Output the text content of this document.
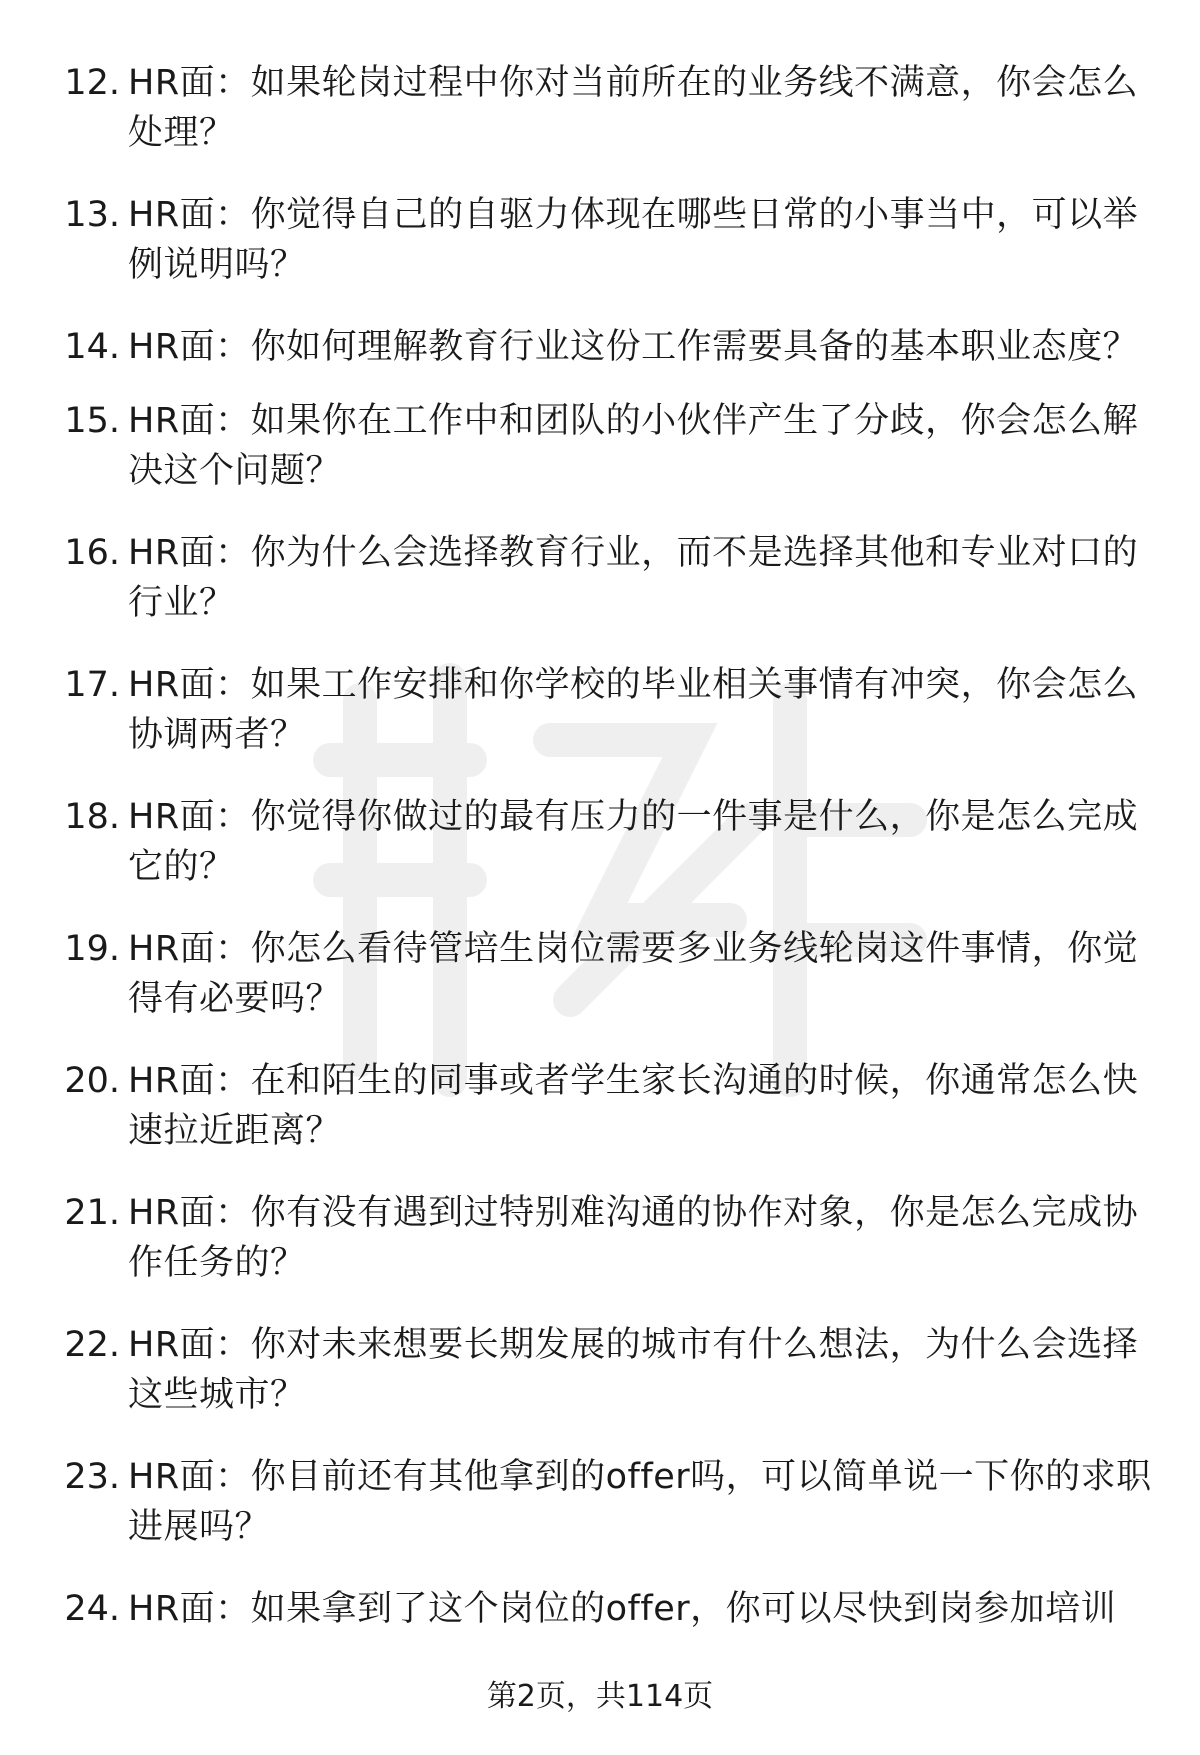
12. HR面：如果轮岗过程中你对当前所在的业务线不满意，你会怎么处理？
13. HR面：你觉得自己的自驱力体现在哪些日常的小事当中，可以举例说明吗？
14. HR面：你如何理解教育行业这份工作需要具备的基本职业态度？
15. HR面：如果你在工作中和团队的小伙伴产生了分歧，你会怎么解决这个问题？
16. HR面：你为什么会选择教育行业，而不是选择其他和专业对口的行业？
17. HR面：如果工作安排和你学校的毕业相关事情有冲突，你会怎么协调两者？
18. HR面：你觉得你做过的最有压力的一件事是什么，你是怎么完成它的？
19. HR面：你怎么看待管培生岗位需要多业务线轮岗这件事情，你觉得有必要吗？
20. HR面：在和陌生的同事或者学生家长沟通的时候，你通常怎么快速拉近距离？
21. HR面：你有没有遇到过特别难沟通的协作对象，你是怎么完成协作任务的？
22. HR面：你对未来想要长期发展的城市有什么想法，为什么会选择这些城市？
23. HR面：你目前还有其他拿到的offer吗，可以简单说一下你的求职进展吗？
24. HR面：如果拿到了这个岗位的offer，你可以尽快到岗参加培训
第2页，共114页
